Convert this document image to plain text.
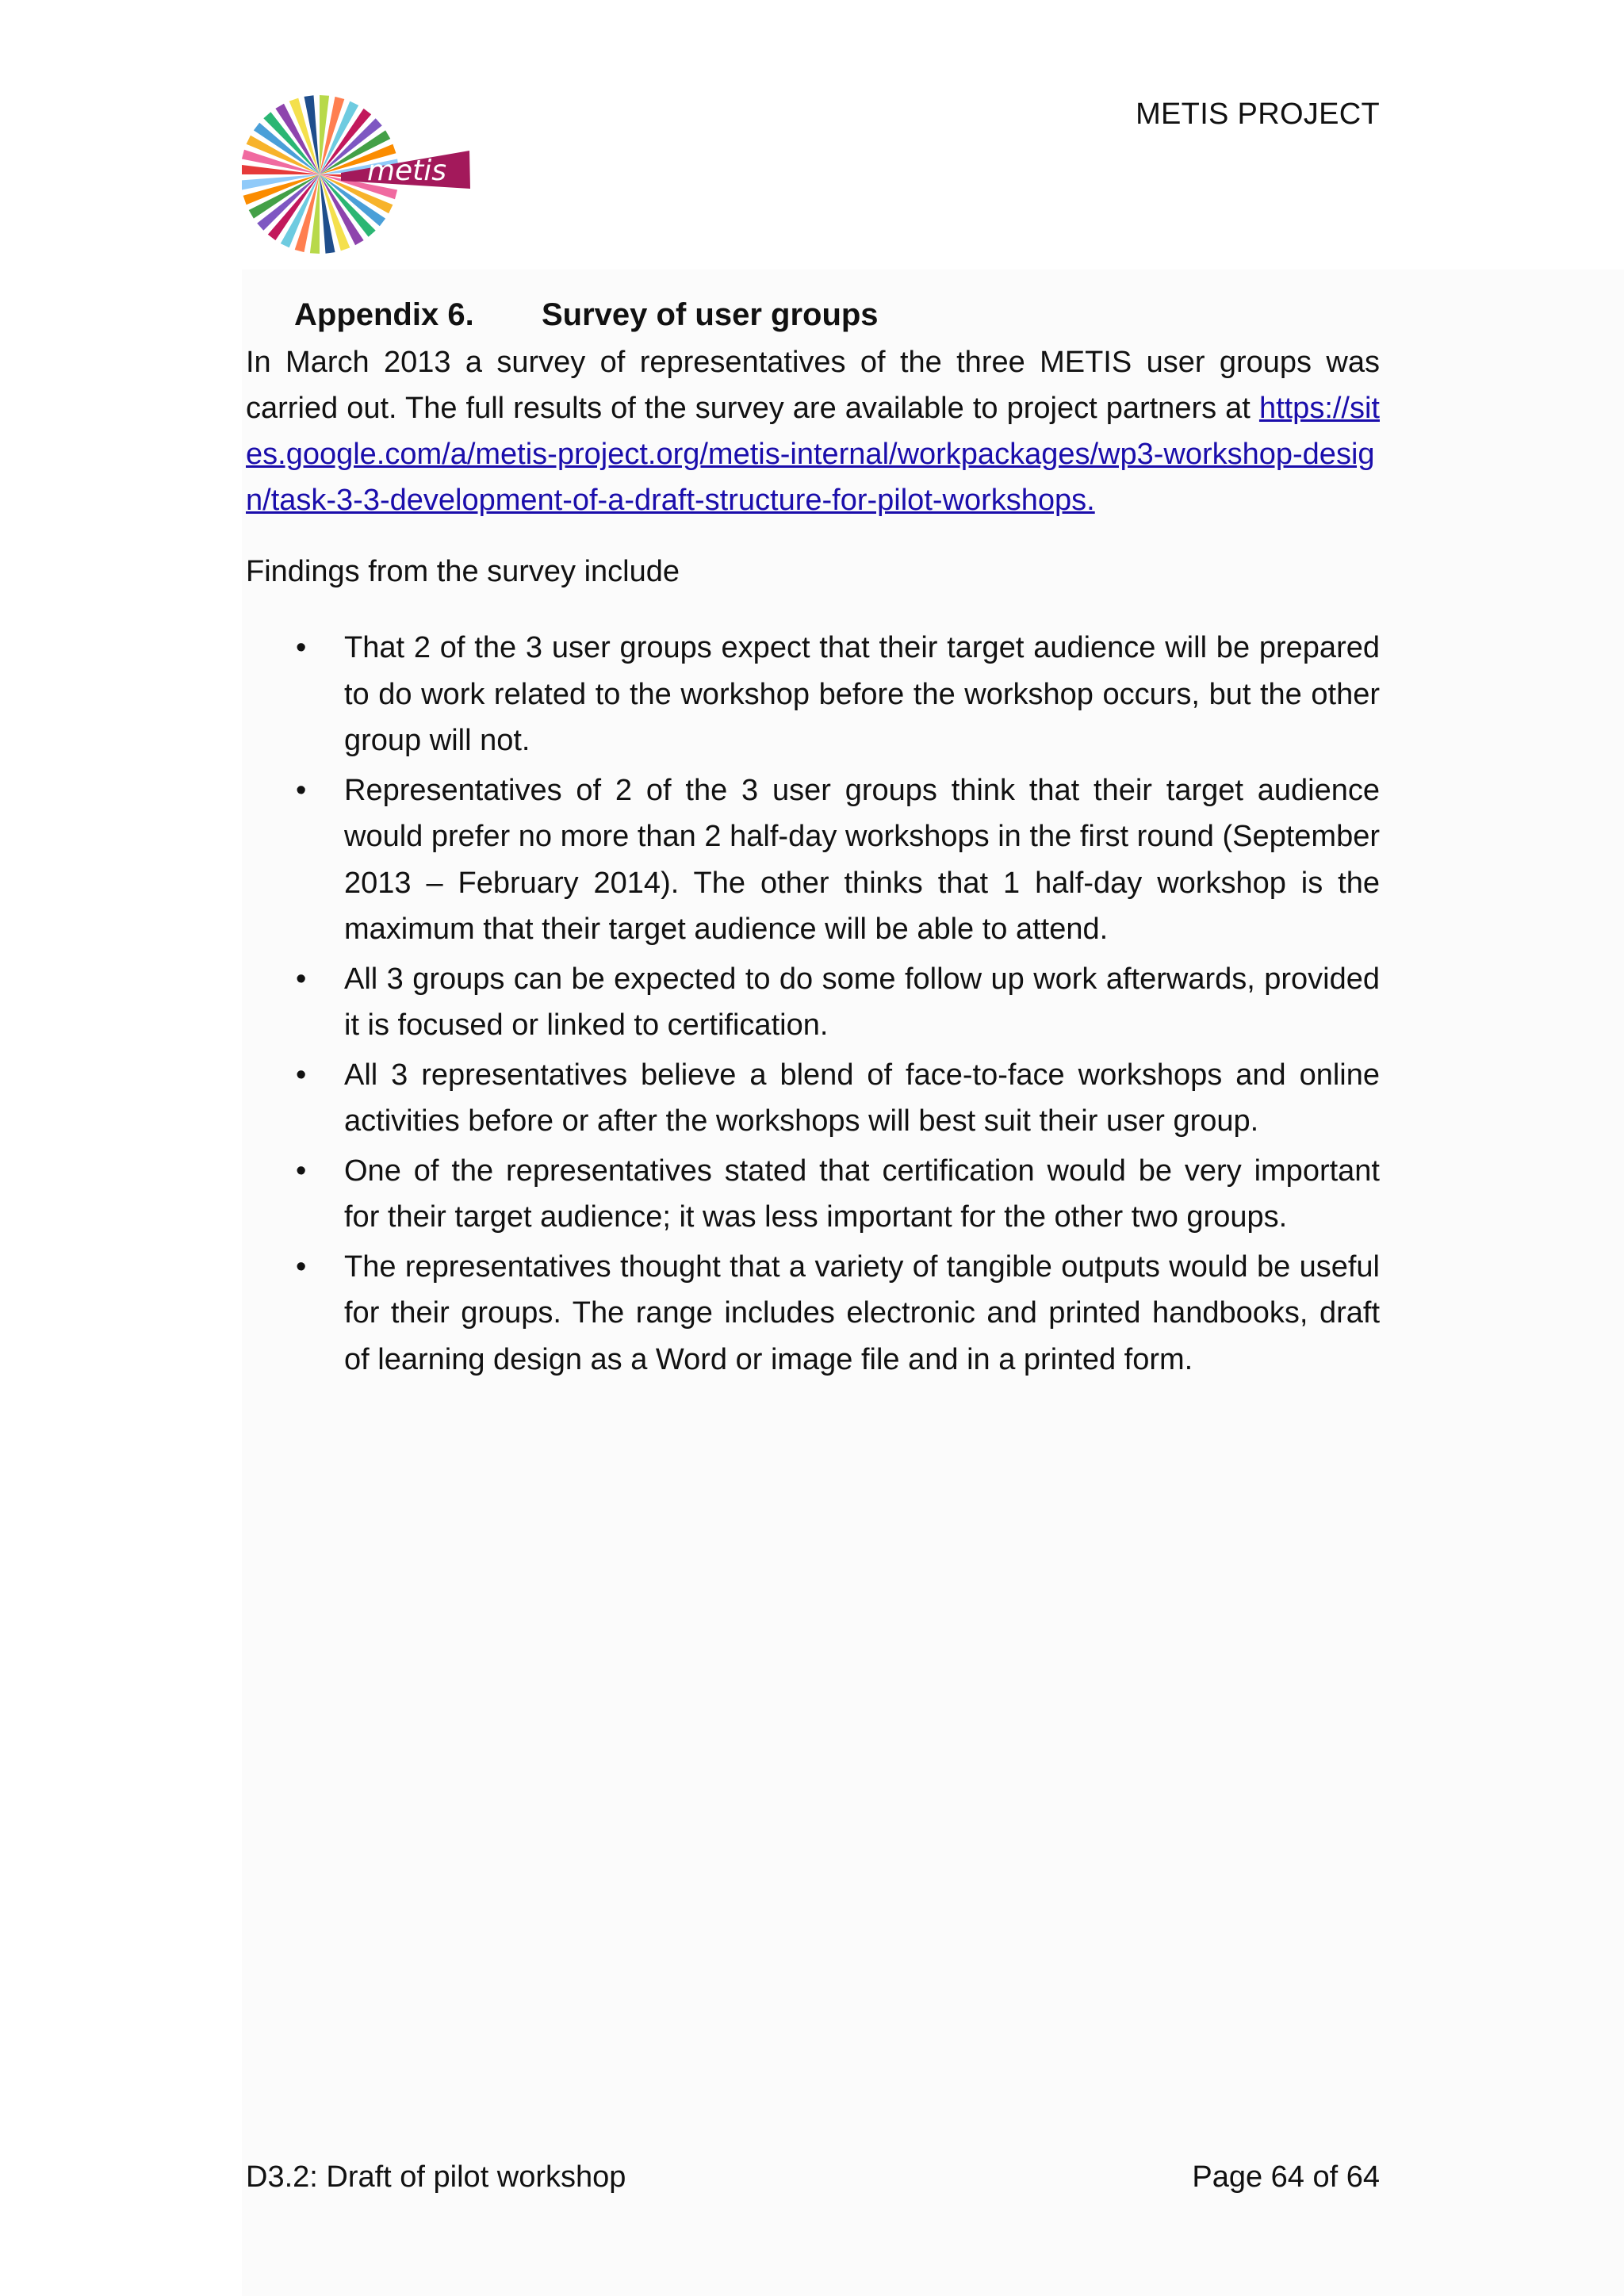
metis
METIS PROJECT
Appendix 6. Survey of user groups

In March 2013 a survey of representatives of the three METIS user groups was carried out. The full results of the survey are available to project partners at https://sites.google.com/a/metis-project.org/metis-internal/workpackages/wp3-workshop-design/task-3-3-development-of-a-draft-structure-for-pilot-workshops.

Findings from the survey include

• That 2 of the 3 user groups expect that their target audience will be prepared to do work related to the workshop before the workshop occurs, but the other group will not.
• Representatives of 2 of the 3 user groups think that their target audience would prefer no more than 2 half-day workshops in the first round (September 2013 – February 2014). The other thinks that 1 half-day workshop is the maximum that their target audience will be able to attend.
• All 3 groups can be expected to do some follow up work afterwards, provided it is focused or linked to certification.
• All 3 representatives believe a blend of face-to-face workshops and online activities before or after the workshops will best suit their user group.
• One of the representatives stated that certification would be very important for their target audience; it was less important for the other two groups.
• The representatives thought that a variety of tangible outputs would be useful for their groups. The range includes electronic and printed handbooks, draft of learning design as a Word or image file and in a printed form.
D3.2: Draft of pilot workshop	Page 64 of 64
